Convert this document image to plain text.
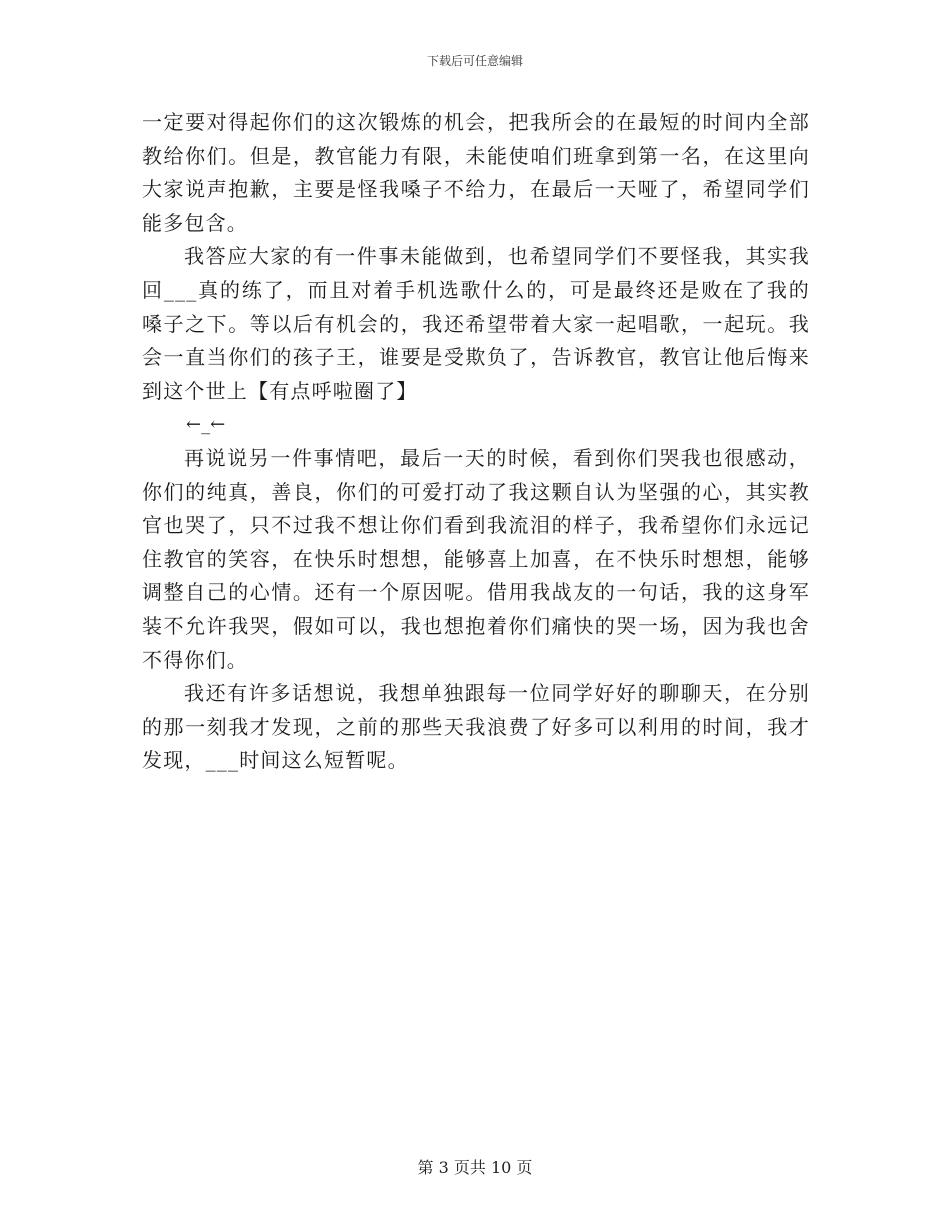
下载后可任意编辑

一定要对得起你们的这次锻炼的机会，把我所会的在最短的时间内全部教给你们。但是，教官能力有限，未能使咱们班拿到第一名，在这里向大家说声抱歉，主要是怪我嗓子不给力，在最后一天哑了，希望同学们能多包含。

我答应大家的有一件事未能做到，也希望同学们不要怪我，其实我回___真的练了，而且对着手机选歌什么的，可是最终还是败在了我的嗓子之下。等以后有机会的，我还希望带着大家一起唱歌，一起玩。我会一直当你们的孩子王，谁要是受欺负了，告诉教官，教官让他后悔来到这个世上【有点呼啦圈了】

←_←

再说说另一件事情吧，最后一天的时候，看到你们哭我也很感动，你们的纯真，善良，你们的可爱打动了我这颗自认为坚强的心，其实教官也哭了，只不过我不想让你们看到我流泪的样子，我希望你们永远记住教官的笑容，在快乐时想想，能够喜上加喜，在不快乐时想想，能够调整自己的心情。还有一个原因呢。借用我战友的一句话，我的这身军装不允许我哭，假如可以，我也想抱着你们痛快的哭一场，因为我也舍不得你们。

我还有许多话想说，我想单独跟每一位同学好好的聊聊天，在分别的那一刻我才发现，之前的那些天我浪费了好多可以利用的时间，我才发现，___时间这么短暂呢。

第 3 页共 10 页
